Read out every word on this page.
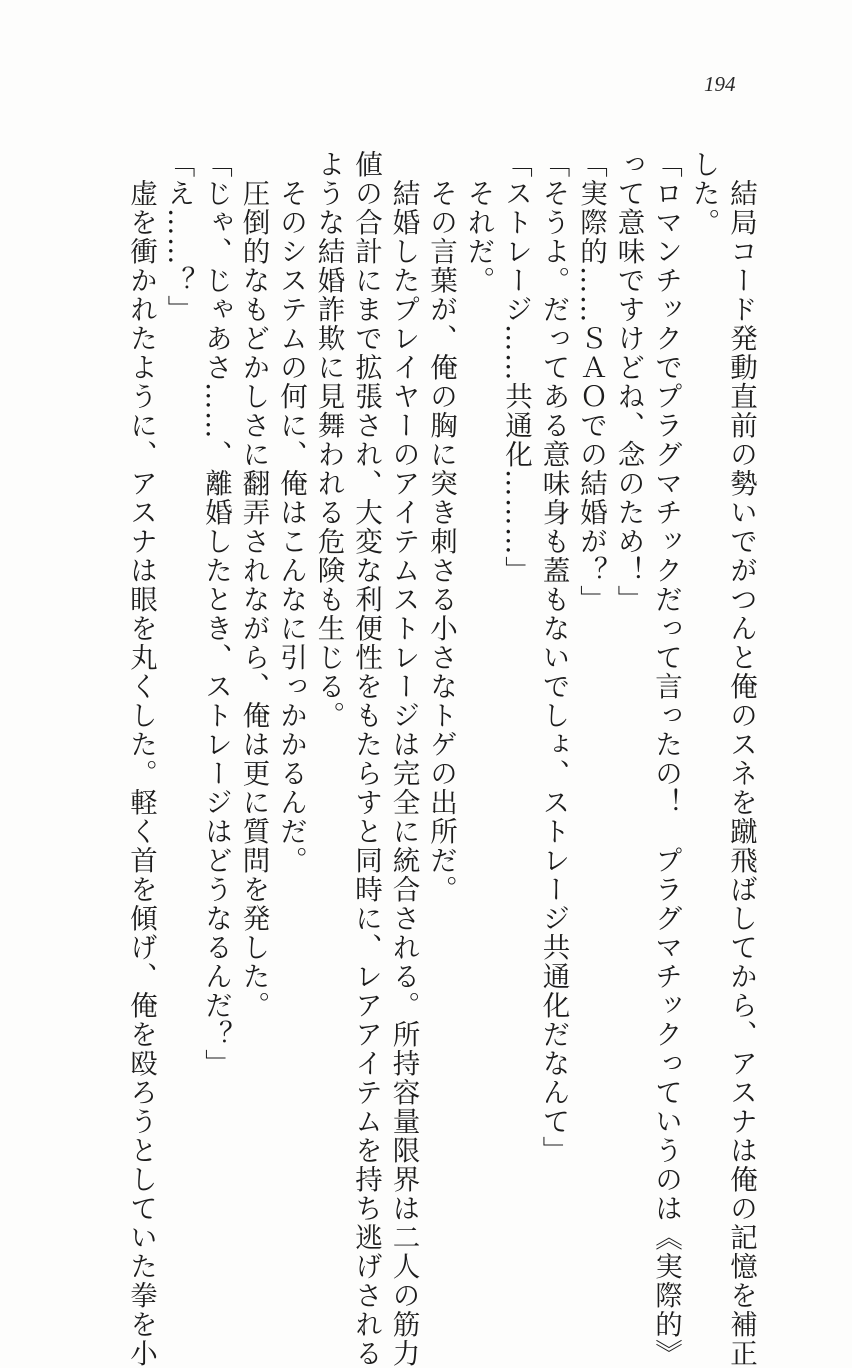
194
　結局コード発動直前の勢いでがつんと俺のスネを蹴飛ばしてから、アスナは俺の記憶を補正
した。
「ロマンチックでプラグマチックだって言ったの！　プラグマチックっていうのは《実際的》
って意味ですけどね、念のため！」
「実際的……ＳＡＯでの結婚が？」
「そうよ。だってある意味身も蓋もないでしょ、ストレージ共通化だなんて」
「ストレージ……共通化………」
　それだ。
　その言葉が、俺の胸に突き刺さる小さなトゲの出所だ。
　結婚したプレイヤーのアイテムストレージは完全に統合される。所持容量限界は二人の筋力
値の合計にまで拡張され、大変な利便性をもたらすと同時に、レアアイテムを持ち逃げされる
ような結婚詐欺に見舞われる危険も生じる。
　そのシステムの何に、俺はこんなに引っかかるんだ。
　圧倒的なもどかしさに翻弄されながら、俺は更に質問を発した。
「じゃ、じゃあさ……、離婚したとき、ストレージはどうなるんだ？」
「え……？」
　虚を衝かれたように、アスナは眼を丸くした。軽く首を傾げ、俺を殴ろうとしていた拳を小
